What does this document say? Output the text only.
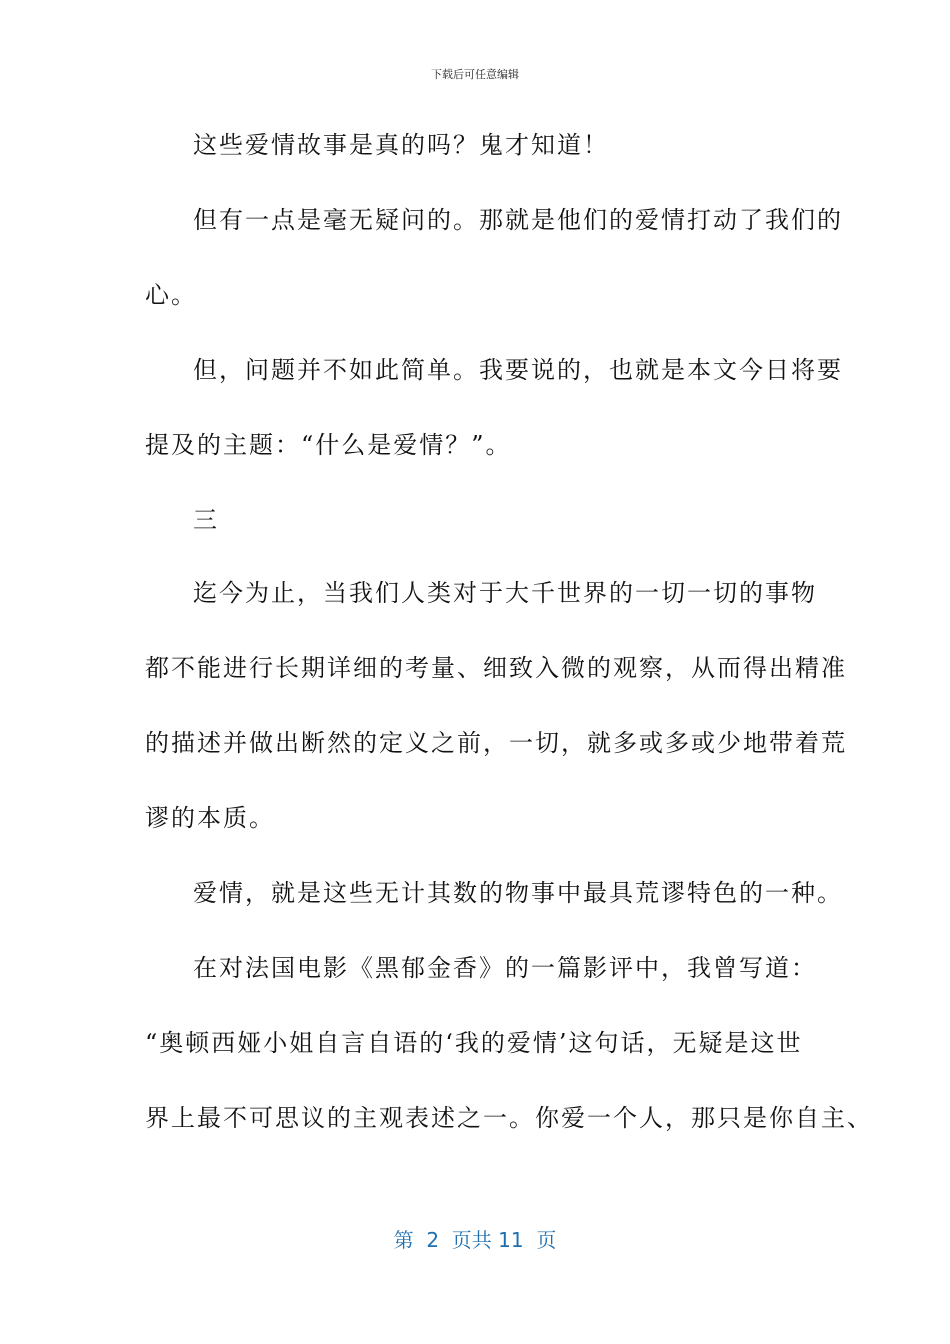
下载后可任意编辑
这些爱情故事是真的吗？鬼才知道！
但有一点是毫无疑问的。那就是他们的爱情打动了我们的
心。
但，问题并不如此简单。我要说的，也就是本文今日将要
提及的主题：“什么是爱情？”。
三
迄今为止，当我们人类对于大千世界的一切一切的事物
都不能进行长期详细的考量、细致入微的观察，从而得出精准
的描述并做出断然的定义之前，一切，就多或多或少地带着荒
谬的本质。
爱情，就是这些无计其数的物事中最具荒谬特色的一种。
在对法国电影《黑郁金香》的一篇影评中，我曾写道：
“奥顿西娅小姐自言自语的‘我的爱情’这句话，无疑是这世
界上最不可思议的主观表述之一。你爱一个人，那只是你自主、
第  2  页共 11  页
